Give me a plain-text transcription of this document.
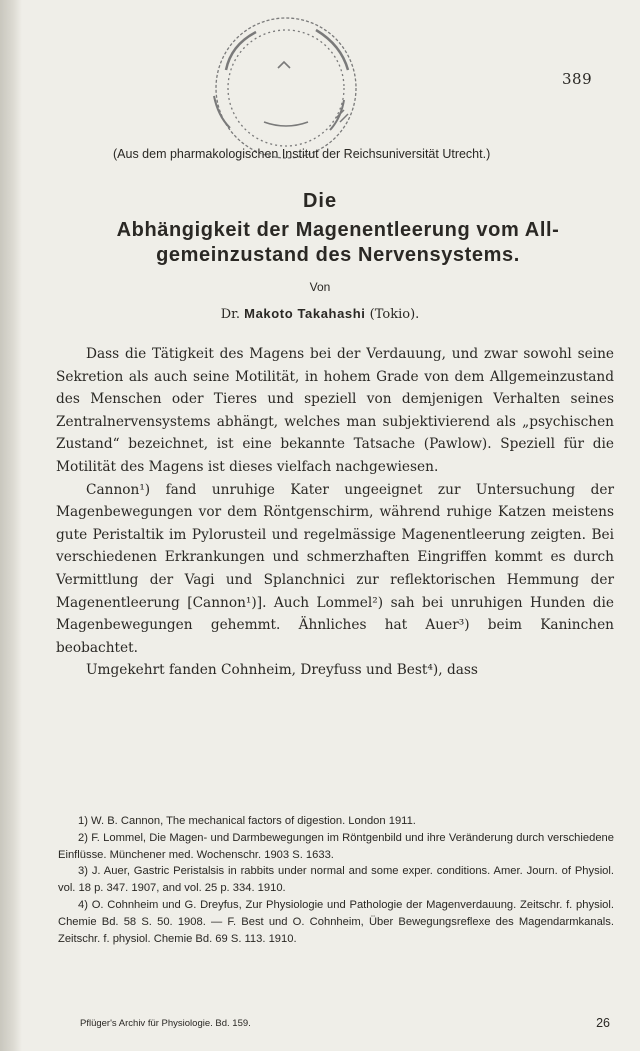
389
(Aus dem pharmakologischen Institut der Reichsuniversität Utrecht.)
Die
Abhängigkeit der Magenentleerung vom All-
gemeinzustand des Nervensystems.
Von
Dr. Makoto Takahashi (Tokio).

Dass die Tätigkeit des Magens bei der Verdauung, und zwar sowohl seine Sekretion als auch seine Motilität, in hohem Grade von dem Allgemeinzustand des Menschen oder Tieres und speziell von demjenigen Verhalten seines Zentralnervensystems abhängt, welches man subjektivierend als „psychischen Zustand“ bezeichnet, ist eine bekannte Tatsache (Pawlow). Speziell für die Motilität des Magens ist dieses vielfach nachgewiesen.

Cannon¹) fand unruhige Kater ungeeignet zur Untersuchung der Magenbewegungen vor dem Röntgenschirm, während ruhige Katzen meistens gute Peristaltik im Pylorusteil und regelmässige Magenentleerung zeigten. Bei verschiedenen Erkrankungen und schmerzhaften Eingriffen kommt es durch Vermittlung der Vagi und Splanchnici zur reflektorischen Hemmung der Magenentleerung [Cannon¹)]. Auch Lommel²) sah bei unruhigen Hunden die Magenbewegungen gehemmt. Ähnliches hat Auer³) beim Kaninchen beobachtet.

Umgekehrt fanden Cohnheim, Dreyfuss und Best⁴), dass

1) W. B. Cannon, The mechanical factors of digestion. London 1911.

2) F. Lommel, Die Magen- und Darmbewegungen im Röntgenbild und ihre Veränderung durch verschiedene Einflüsse. Münchener med. Wochenschr. 1903 S. 1633.

3) J. Auer, Gastric Peristalsis in rabbits under normal and some exper. conditions. Amer. Journ. of Physiol. vol. 18 p. 347. 1907, and vol. 25 p. 334. 1910.

4) O. Cohnheim und G. Dreyfus, Zur Physiologie und Pathologie der Magenverdauung. Zeitschr. f. physiol. Chemie Bd. 58 S. 50. 1908. — F. Best und O. Cohnheim, Über Bewegungsreflexe des Magendarmkanals. Zeitschr. f. physiol. Chemie Bd. 69 S. 113. 1910.

Pflüger's Archiv für Physiologie. Bd. 159.	26
